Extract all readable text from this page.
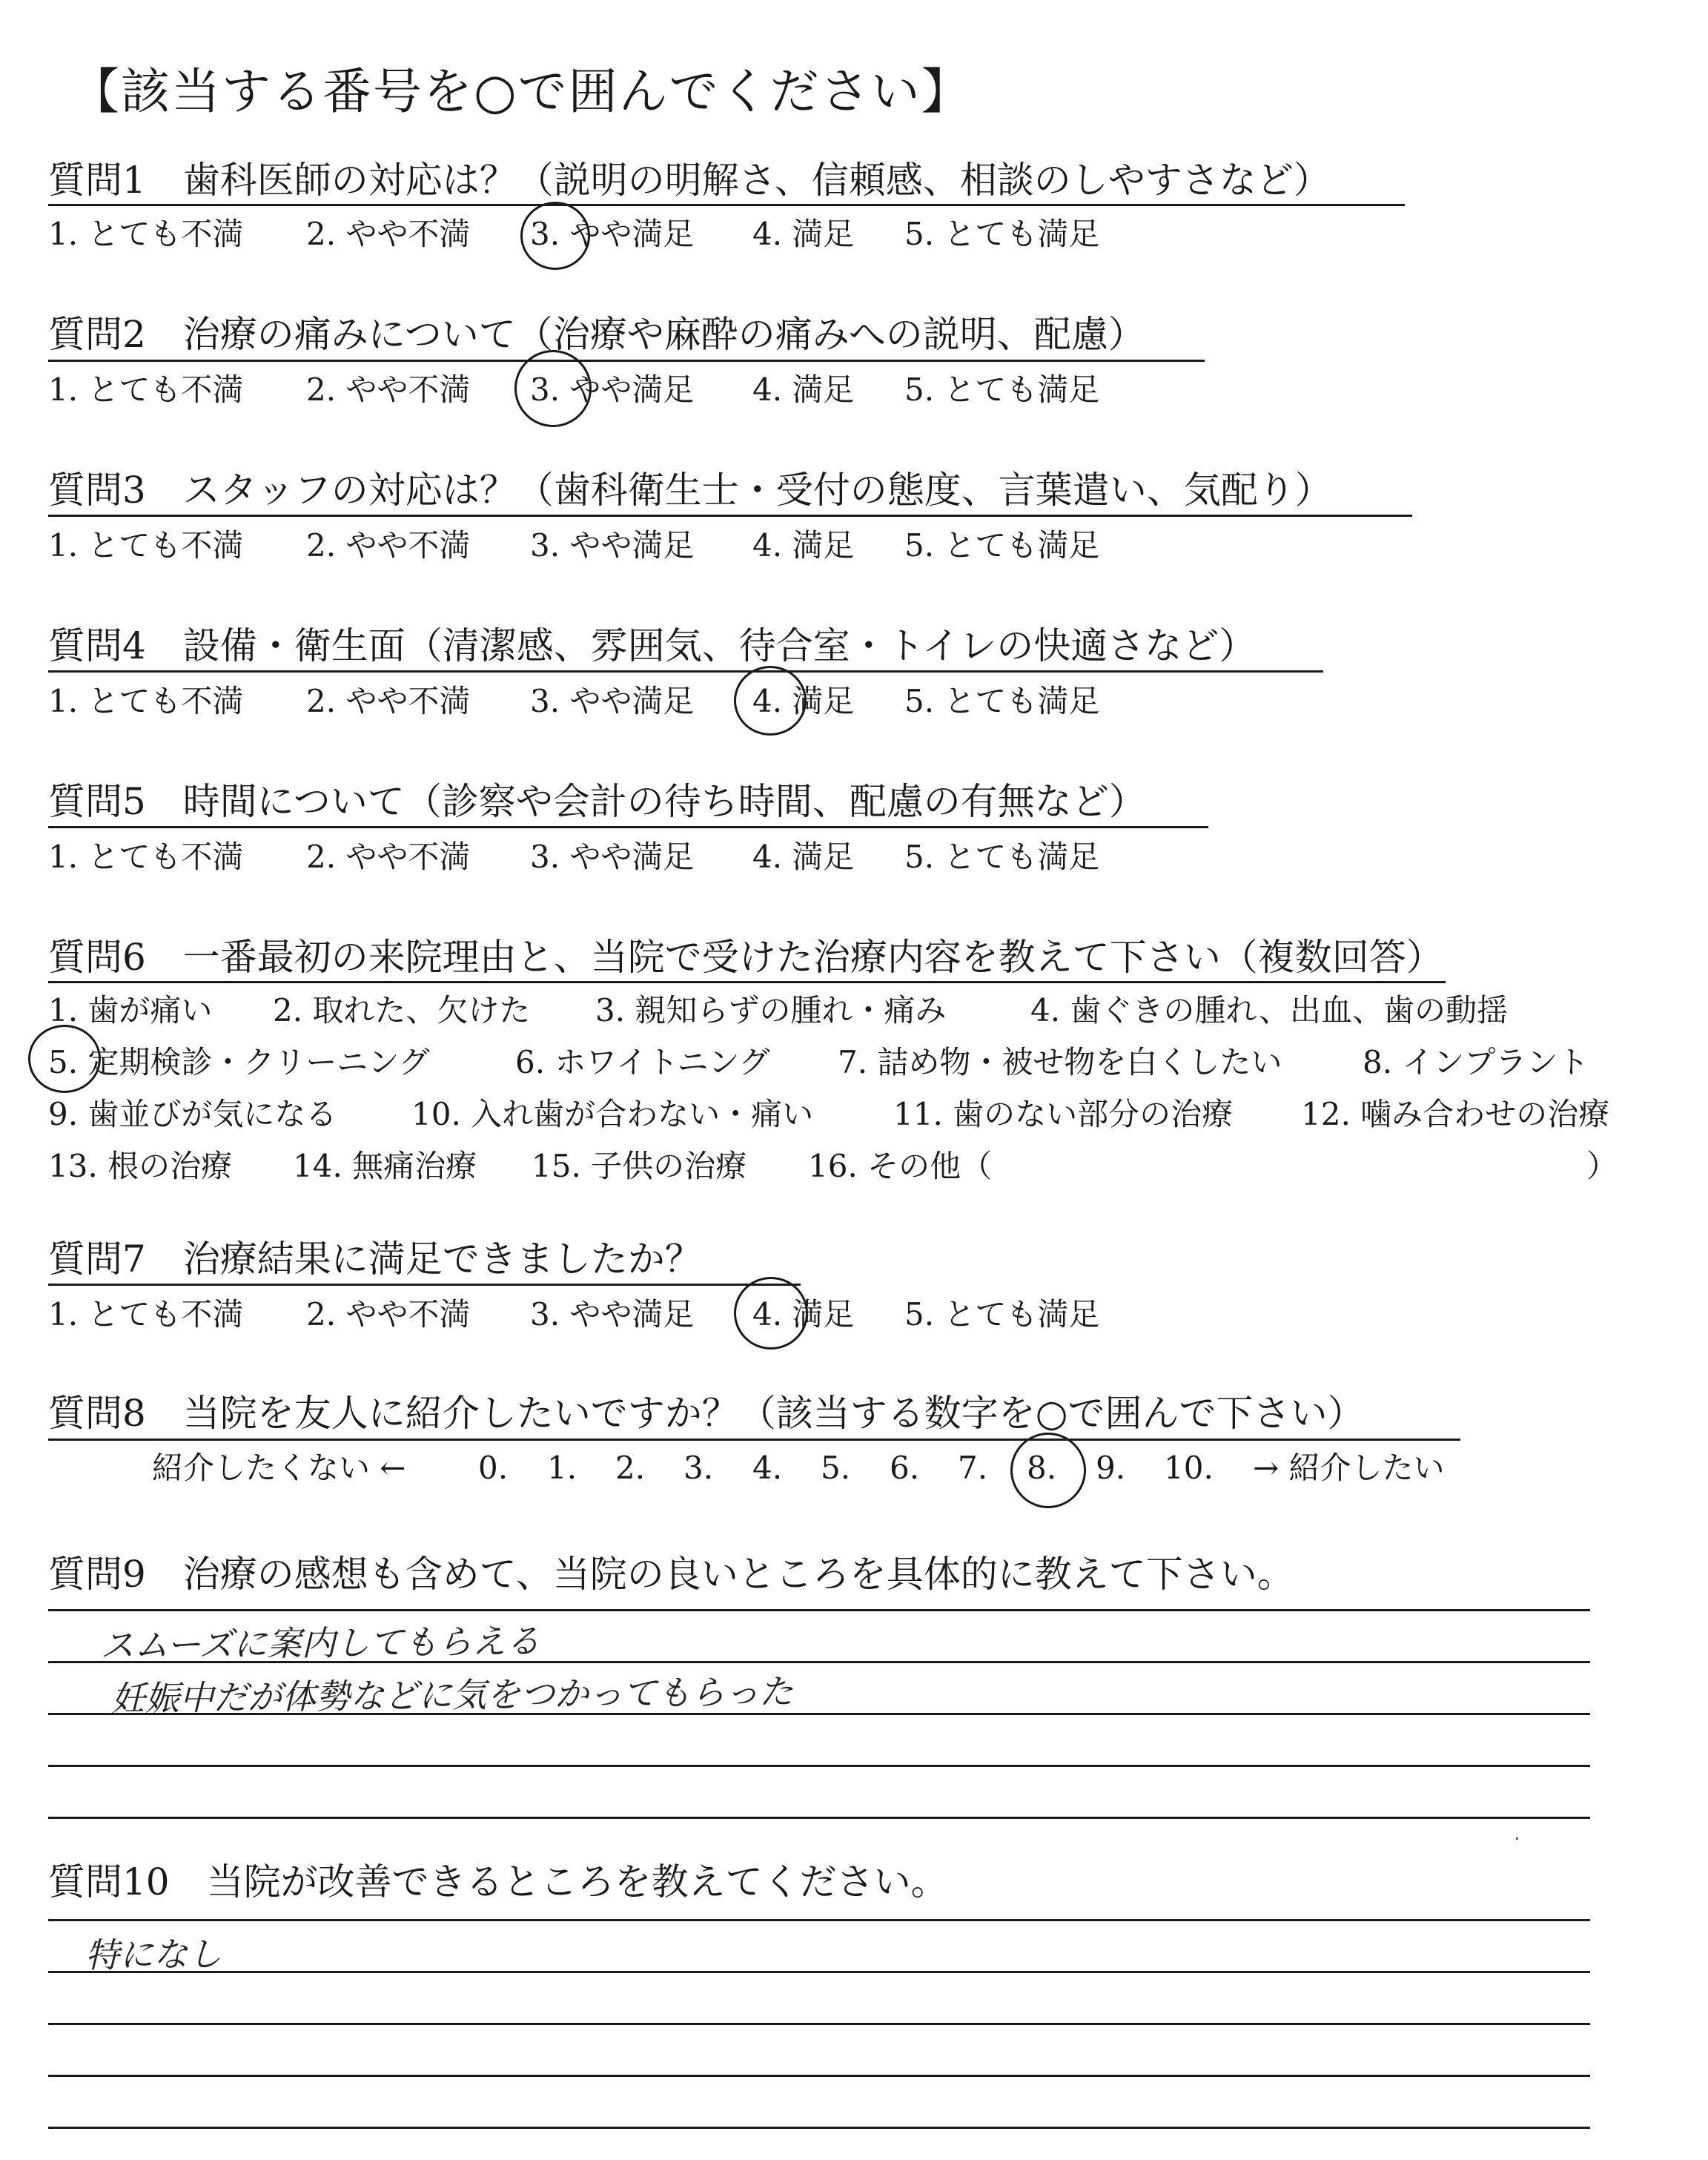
【該当する番号を○で囲んでください】
質問1　歯科医師の対応は？（説明の明解さ、信頼感、相談のしやすさなど）
1. とても不満 2. やや不満 3. やや満足 4. 満足 5. とても満足
質問2　治療の痛みについて（治療や麻酔の痛みへの説明、配慮）
1. とても不満 2. やや不満 3. やや満足 4. 満足 5. とても満足
質問3　スタッフの対応は？（歯科衛生士・受付の態度、言葉遣い、気配り）
1. とても不満 2. やや不満 3. やや満足 4. 満足 5. とても満足
質問4　設備・衛生面（清潔感、雰囲気、待合室・トイレの快適さなど）
1. とても不満 2. やや不満 3. やや満足 4. 満足 5. とても満足
質問5　時間について（診察や会計の待ち時間、配慮の有無など）
1. とても不満 2. やや不満 3. やや満足 4. 満足 5. とても満足
質問6　一番最初の来院理由と、当院で受けた治療内容を教えて下さい（複数回答）
1. 歯が痛い 2. 取れた、欠けた 3. 親知らずの腫れ・痛み	4. 歯ぐきの腫れ、出血、歯の動揺
5. 定期検診・クリーニング	6. ホワイトニング 7. 詰め物・被せ物を白くしたい	8. インプラント
9. 歯並びが気になる 10. 入れ歯が合わない・痛い	11. 歯のない部分の治療 12. 噛み合わせの治療
13. 根の治療 14. 無痛治療 15. 子供の治療 16. その他（	）
質問7　治療結果に満足できましたか？
1. とても不満 2. やや不満 3. やや満足 4. 満足 5. とても満足
質問8　当院を友人に紹介したいですか？（該当する数字を○で囲んで下さい）
紹介したくない ← 0. 1. 2. 3. 4. 5. 6. 7. 8. 9. 10. → 紹介したい
質問9　治療の感想も含めて、当院の良いところを具体的に教えて下さい。
スムーズに案内してもらえる
妊娠中だが体勢などに気をつかってもらった
質問10　当院が改善できるところを教えてください。
特になし
